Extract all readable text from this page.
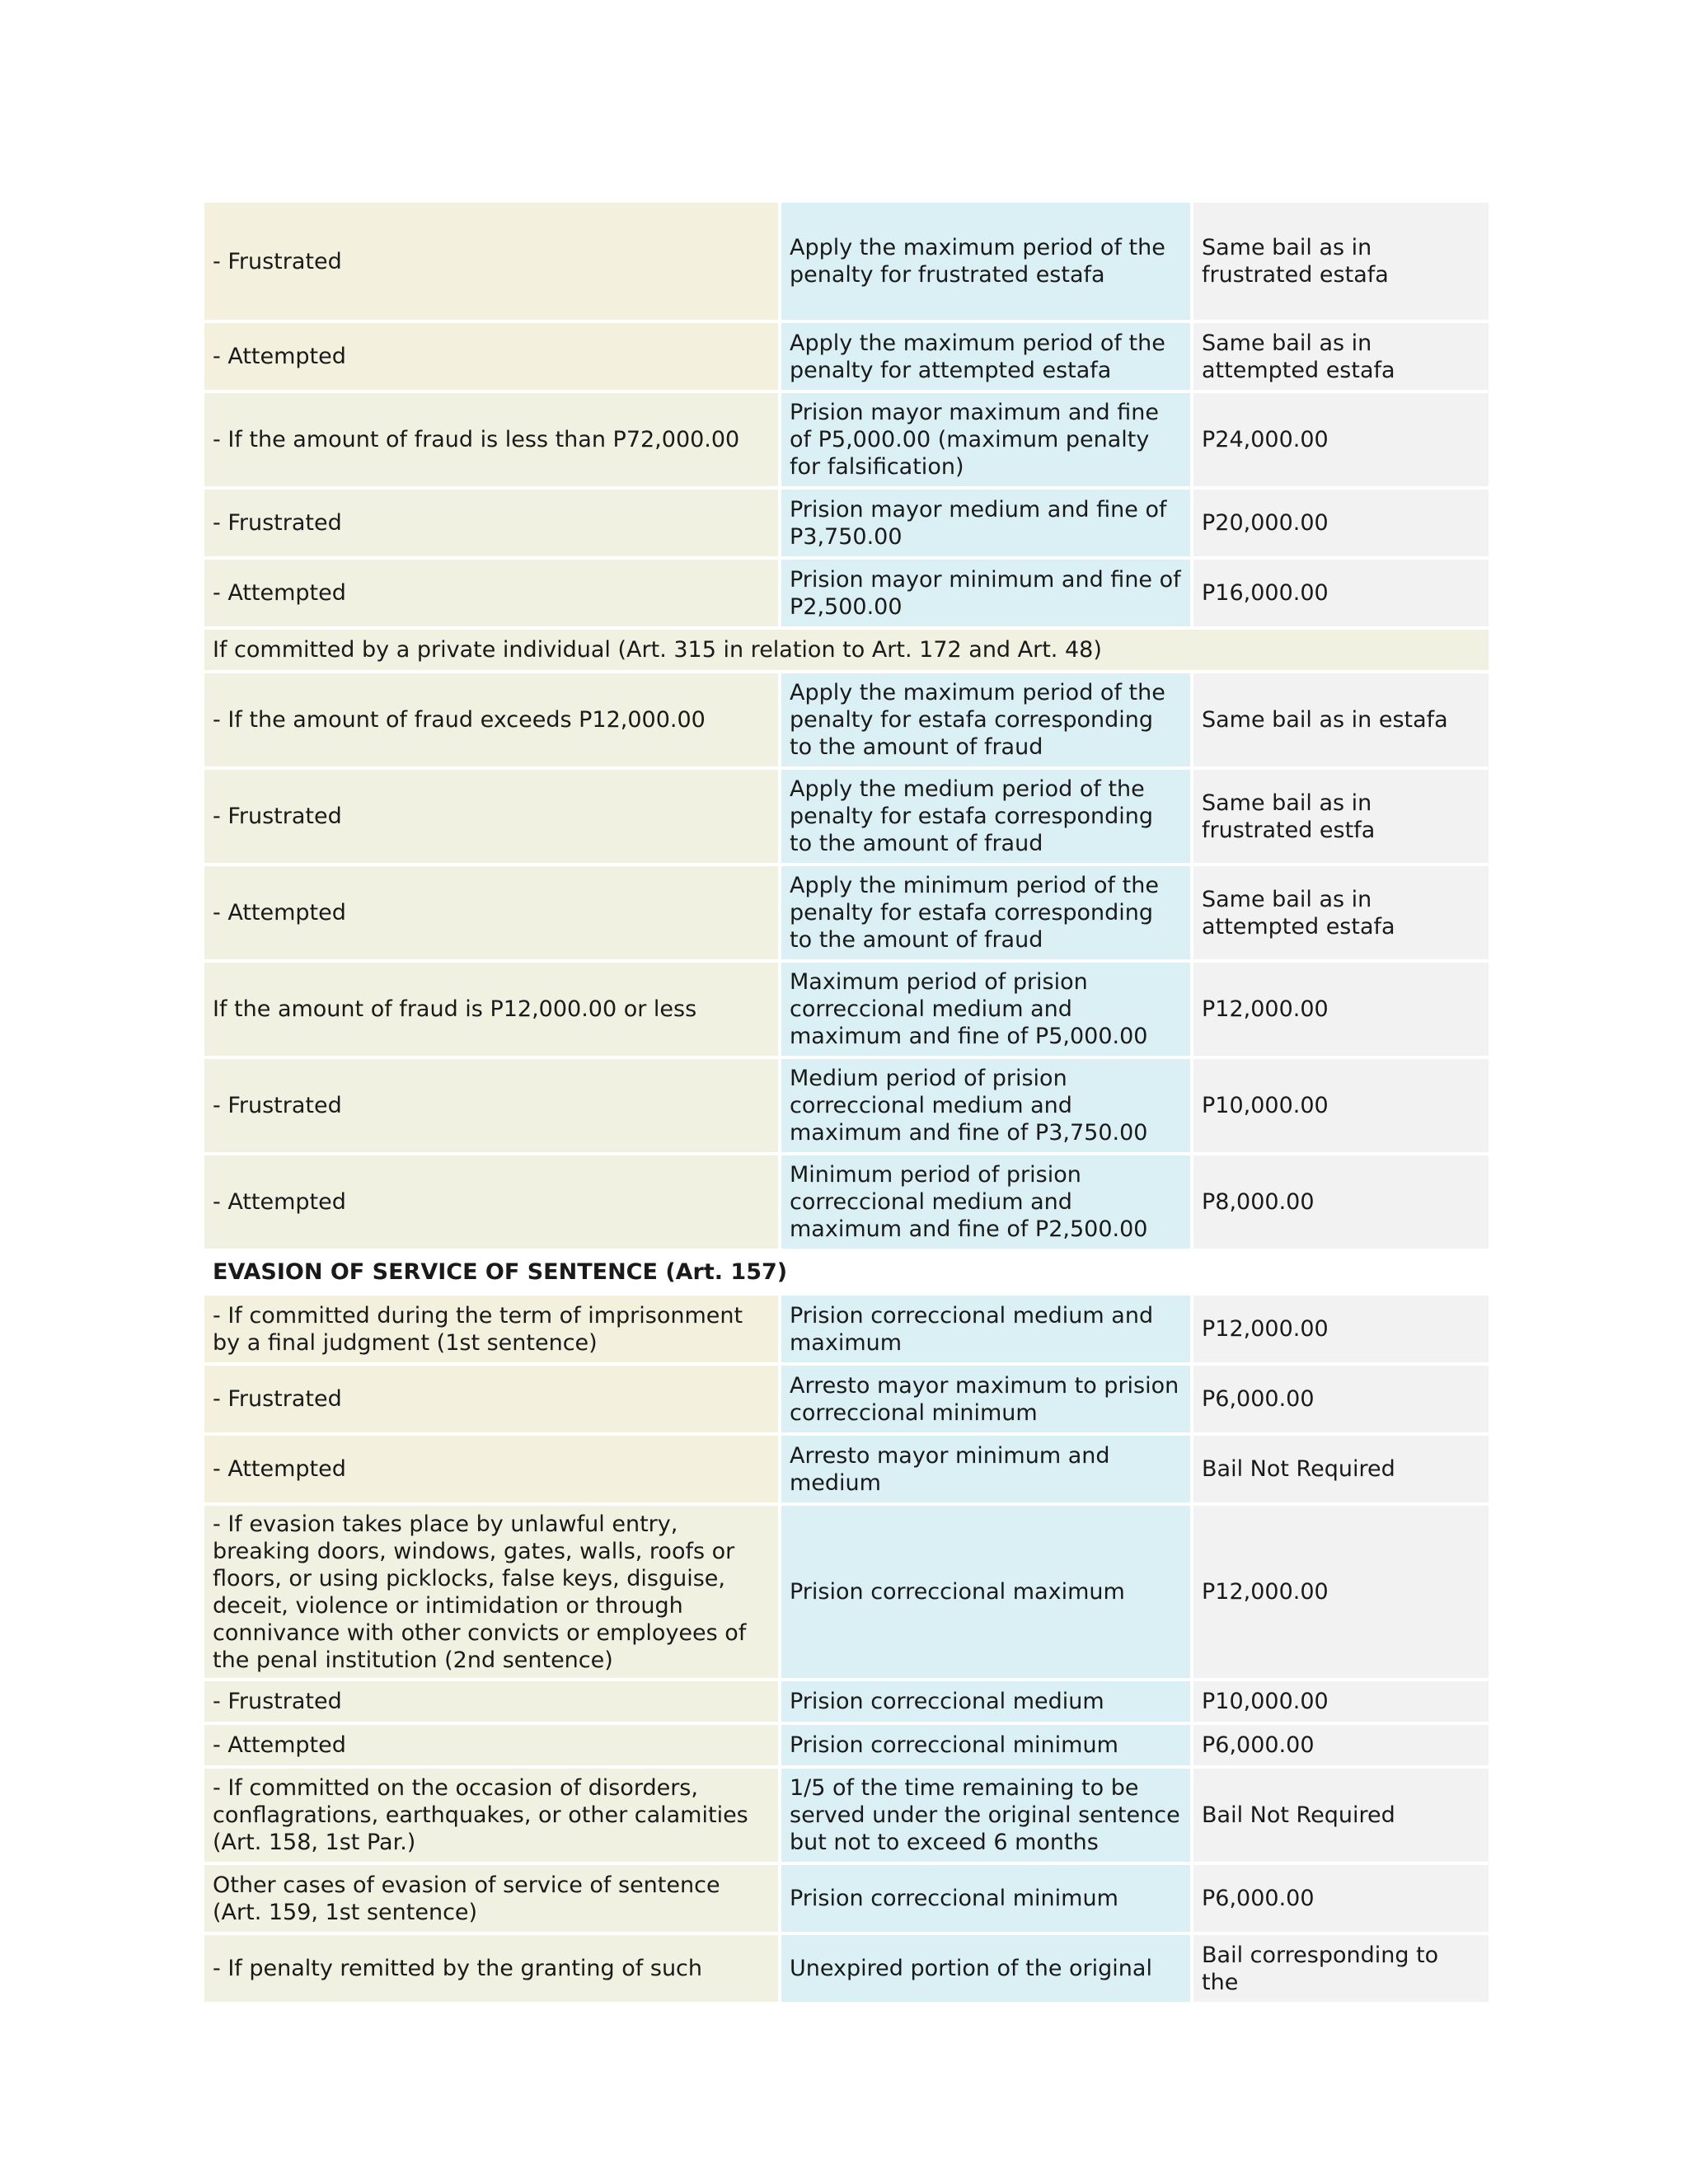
- Frustrated	Apply the maximum period of the penalty for frustrated estafa	Same bail as in frustrated estafa
- Attempted	Apply the maximum period of the penalty for attempted estafa	Same bail as in attempted estafa
- If the amount of fraud is less than P72,000.00	Prision mayor maximum and fine of P5,000.00 (maximum penalty for falsification)	P24,000.00
- Frustrated	Prision mayor medium and fine of P3,750.00	P20,000.00
- Attempted	Prision mayor minimum and fine of P2,500.00	P16,000.00
If committed by a private individual (Art. 315 in relation to Art. 172 and Art. 48)		
- If the amount of fraud exceeds P12,000.00	Apply the maximum period of the penalty for estafa corresponding to the amount of fraud	Same bail as in estafa
- Frustrated	Apply the medium period of the penalty for estafa corresponding to the amount of fraud	Same bail as in frustrated estfa
- Attempted	Apply the minimum period of the penalty for estafa corresponding to the amount of fraud	Same bail as in attempted estafa
If the amount of fraud is P12,000.00 or less	Maximum period of prision correccional medium and maximum and fine of P5,000.00	P12,000.00
- Frustrated	Medium period of prision correccional medium and maximum and fine of P3,750.00	P10,000.00
- Attempted	Minimum period of prision correccional medium and maximum and fine of P2,500.00	P8,000.00
EVASION OF SERVICE OF SENTENCE (Art. 157)		
- If committed during the term of imprisonment by a final judgment (1st sentence)	Prision correccional medium and maximum	P12,000.00
- Frustrated	Arresto mayor maximum to prision correccional minimum	P6,000.00
- Attempted	Arresto mayor minimum and medium	Bail Not Required
- If evasion takes place by unlawful entry, breaking doors, windows, gates, walls, roofs or floors, or using picklocks, false keys, disguise, deceit, violence or intimidation or through connivance with other convicts or employees of the penal institution (2nd sentence)	Prision correccional maximum	P12,000.00
- Frustrated	Prision correccional medium	P10,000.00
- Attempted	Prision correccional minimum	P6,000.00
- If committed on the occasion of disorders, conflagrations, earthquakes, or other calamities (Art. 158, 1st Par.)	1/5 of the time remaining to be served under the original sentence but not to exceed 6 months	Bail Not Required
Other cases of evasion of service of sentence (Art. 159, 1st sentence)	Prision correccional minimum	P6,000.00
- If penalty remitted by the granting of such	Unexpired portion of the original	Bail corresponding to the
